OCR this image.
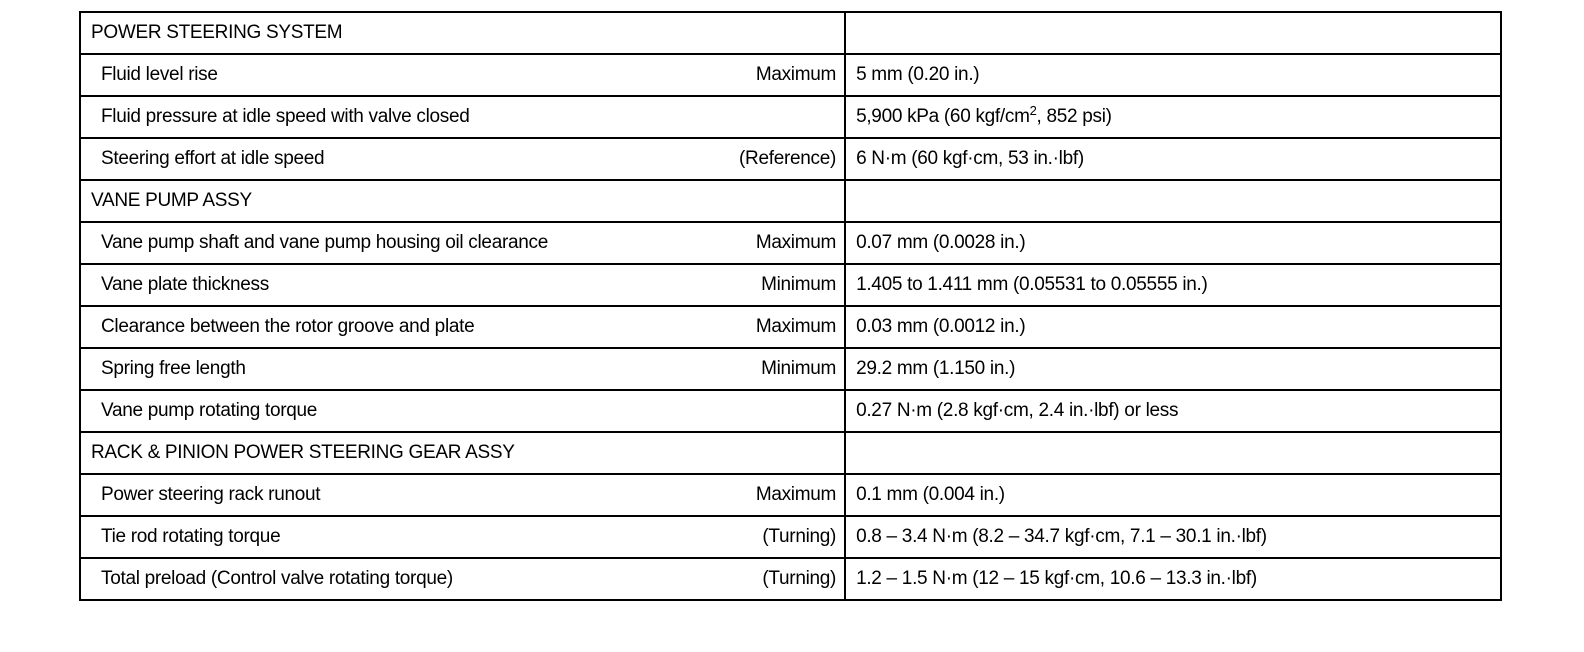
POWER STEERING SYSTEM	

Fluid level rise Maximum	5 mm (0.20 in.)

Fluid pressure at idle speed with valve closed	5,900 kPa (60 kgf/$cm^2$, 852 psi)

Steering effort at idle speed (Reference)	6 N·m (60 kgf·cm, 53 in.·lbf)

VANE PUMP ASSY	

Vane pump shaft and vane pump housing oil clearance Maximum	0.07 mm (0.0028 in.)

Vane plate thickness Minimum	1.405 to 1.411 mm (0.05531 to 0.05555 in.)

Clearance between the rotor groove and plate Maximum	0.03 mm (0.0012 in.)

Spring free length Minimum	29.2 mm (1.150 in.)

Vane pump rotating torque	0.27 N·m (2.8 kgf·cm, 2.4 in.·lbf) or less

RACK & PINION POWER STEERING GEAR ASSY	

Power steering rack runout Maximum	0.1 mm (0.004 in.)

Tie rod rotating torque (Turning)	0.8 – 3.4 N·m (8.2 – 34.7 kgf·cm, 7.1 – 30.1 in.·lbf)

Total preload (Control valve rotating torque) (Turning)	1.2 – 1.5 N·m (12 – 15 kgf·cm, 10.6 – 13.3 in.·lbf)
